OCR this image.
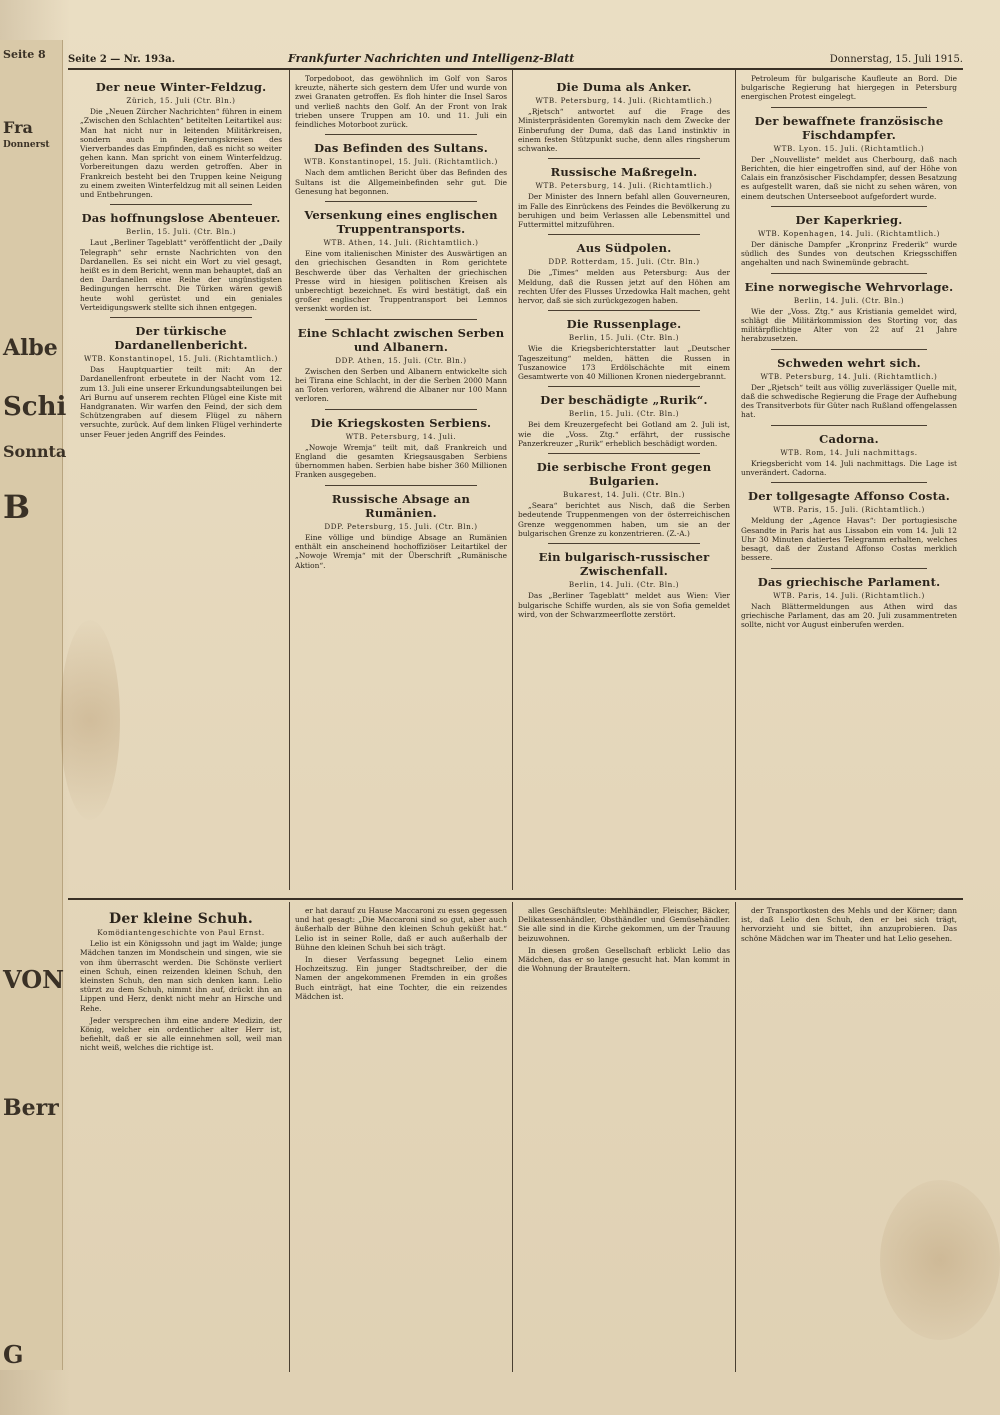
Seite 8
Fra
Donnerst
Albe
Schi
Sonnta
B
VON
Berr
G
Seite 2 — Nr. 193a.	Frankfurter Nachrichten und Intelligenz-Blatt	Donnerstag, 15. Juli 1915.
Der neue Winter-Feldzug.
Zürich, 15. Juli (Ctr. Bln.)

Die „Neuen Zürcher Nachrichten“ führen in einem „Zwischen den Schlachten“ betitelten Leitartikel aus: Man hat nicht nur in leitenden Militärkreisen, sondern auch in Regierungskreisen des Vierverbandes das Empfinden, daß es nicht so weiter gehen kann. Man spricht von einem Winterfeldzug. Vorbereitungen dazu werden getroffen. Aber in Frankreich besteht bei den Truppen keine Neigung zu einem zweiten Winterfeldzug mit all seinen Leiden und Entbehrungen.

Das hoffnungslose Abenteuer.
Berlin, 15. Juli. (Ctr. Bln.)

Laut „Berliner Tageblatt“ veröffentlicht der „Daily Telegraph“ sehr ernste Nachrichten von den Dardanellen. Es sei nicht ein Wort zu viel gesagt, heißt es in dem Bericht, wenn man behauptet, daß an den Dardanellen eine Reihe der ungünstigsten Bedingungen herrscht. Die Türken wären gewiß heute wohl gerüstet und ein geniales Verteidigungswerk stellte sich ihnen entgegen.

Der türkische Dardanellenbericht.
WTB. Konstantinopel, 15. Juli. (Richtamtlich.)

Das Hauptquartier teilt mit: An der Dardanellenfront erbeutete in der Nacht vom 12. zum 13. Juli eine unserer Erkundungsabteilungen bei Ari Burnu auf unserem rechten Flügel eine Kiste mit Handgranaten. Wir warfen den Feind, der sich dem Schützengraben auf diesem Flügel zu nähern versuchte, zurück. Auf dem linken Flügel verhinderte unser Feuer jeden Angriff des Feindes.

Torpedoboot, das gewöhnlich im Golf von Saros kreuzte, näherte sich gestern dem Ufer und wurde von zwei Granaten getroffen. Es floh hinter die Insel Saros und verließ nachts den Golf. An der Front von Irak trieben unsere Truppen am 10. und 11. Juli ein feindliches Motorboot zurück.

Das Befinden des Sultans.
WTB. Konstantinopel, 15. Juli. (Richtamtlich.)

Nach dem amtlichen Bericht über das Befinden des Sultans ist die Allgemeinbefinden sehr gut. Die Genesung hat begonnen.

Versenkung eines englischen Truppentransports.
WTB. Athen, 14. Juli. (Richtamtlich.)

Eine vom italienischen Minister des Auswärtigen an den griechischen Gesandten in Rom gerichtete Beschwerde über das Verhalten der griechischen Presse wird in hiesigen politischen Kreisen als unberechtigt bezeichnet. Es wird bestätigt, daß ein großer englischer Truppentransport bei Lemnos versenkt worden ist.

Eine Schlacht zwischen Serben und Albanern.
DDP. Athen, 15. Juli. (Ctr. Bln.)

Zwischen den Serben und Albanern entwickelte sich bei Tirana eine Schlacht, in der die Serben 2000 Mann an Toten verloren, während die Albaner nur 100 Mann verloren.

Die Kriegskosten Serbiens.
WTB. Petersburg, 14. Juli.

„Nowoje Wremja“ teilt mit, daß Frankreich und England die gesamten Kriegsausgaben Serbiens übernommen haben. Serbien habe bisher 360 Millionen Franken ausgegeben.

Russische Absage an Rumänien.
DDP. Petersburg, 15. Juli. (Ctr. Bln.)

Eine völlige und bündige Absage an Rumänien enthält ein anscheinend hochoffiziöser Leitartikel der „Nowoje Wremja“ mit der Überschrift „Rumänische Aktion“.

Die Duma als Anker.
WTB. Petersburg, 14. Juli. (Richtamtlich.)

„Rjetsch“ antwortet auf die Frage des Ministerpräsidenten Goremykin nach dem Zwecke der Einberufung der Duma, daß das Land instinktiv in einem festen Stützpunkt suche, denn alles ringsherum schwanke.

Russische Maßregeln.
WTB. Petersburg, 14. Juli. (Richtamtlich.)

Der Minister des Innern befahl allen Gouverneuren, im Falle des Einrückens des Feindes die Bevölkerung zu beruhigen und beim Verlassen alle Lebensmittel und Futtermittel mitzuführen.

Aus Südpolen.
DDP. Rotterdam, 15. Juli. (Ctr. Bln.)

Die „Times“ melden aus Petersburg: Aus der Meldung, daß die Russen jetzt auf den Höhen am rechten Ufer des Flusses Urzedowka Halt machen, geht hervor, daß sie sich zurückgezogen haben.

Die Russenplage.
Berlin, 15. Juli. (Ctr. Bln.)

Wie die Kriegsberichterstatter laut „Deutscher Tageszeitung“ melden, hätten die Russen in Tuszanowice 173 Erdölschächte mit einem Gesamtwerte von 40 Millionen Kronen niedergebrannt.

Der beschädigte „Rurik“.
Berlin, 15. Juli. (Ctr. Bln.)

Bei dem Kreuzergefecht bei Gotland am 2. Juli ist, wie die „Voss. Ztg.“ erfährt, der russische Panzerkreuzer „Rurik“ erheblich beschädigt worden.

Die serbische Front gegen Bulgarien.
Bukarest, 14. Juli. (Ctr. Bln.)

„Seara“ berichtet aus Nisch, daß die Serben bedeutende Truppenmengen von der österreichischen Grenze weggenommen haben, um sie an der bulgarischen Grenze zu konzentrieren. (Z.-A.)

Ein bulgarisch-russischer Zwischenfall.
Berlin, 14. Juli. (Ctr. Bln.)

Das „Berliner Tageblatt“ meldet aus Wien: Vier bulgarische Schiffe wurden, als sie von Sofia gemeldet wird, von der Schwarzmeerflotte zerstört.

Petroleum für bulgarische Kaufleute an Bord. Die bulgarische Regierung hat hiergegen in Petersburg energischen Protest eingelegt.

Der bewaffnete französische Fischdampfer.
WTB. Lyon. 15. Juli. (Richtamtlich.)

Der „Nouvelliste“ meldet aus Cherbourg, daß nach Berichten, die hier eingetroffen sind, auf der Höhe von Calais ein französischer Fischdampfer, dessen Besatzung es aufgestellt waren, daß sie nicht zu sehen wären, von einem deutschen Unterseeboot aufgefordert wurde.

Der Kaperkrieg.
WTB. Kopenhagen, 14. Juli. (Richtamtlich.)

Der dänische Dampfer „Kronprinz Frederik“ wurde südlich des Sundes von deutschen Kriegsschiffen angehalten und nach Swinemünde gebracht.

Eine norwegische Wehrvorlage.
Berlin, 14. Juli. (Ctr. Bln.)

Wie der „Voss. Ztg.“ aus Kristiania gemeldet wird, schlägt die Militärkommission des Storting vor, das militärpflichtige Alter von 22 auf 21 Jahre herabzusetzen.

Schweden wehrt sich.
WTB. Petersburg, 14. Juli. (Richtamtlich.)

Der „Rjetsch“ teilt aus völlig zuverlässiger Quelle mit, daß die schwedische Regierung die Frage der Aufhebung des Transitverbots für Güter nach Rußland offengelassen hat.

Cadorna.
WTB. Rom, 14. Juli nachmittags.

Kriegsbericht vom 14. Juli nachmittags. Die Lage ist unverändert. Cadorna.

Der tollgesagte Affonso Costa.
WTB. Paris, 15. Juli. (Richtamtlich.)

Meldung der „Agence Havas“: Der portugiesische Gesandte in Paris hat aus Lissabon ein vom 14. Juli 12 Uhr 30 Minuten datiertes Telegramm erhalten, welches besagt, daß der Zustand Affonso Costas merklich bessere.

Das griechische Parlament.
WTB. Paris, 14. Juli. (Richtamtlich.)

Nach Blättermeldungen aus Athen wird das griechische Parlament, das am 20. Juli zusammentreten sollte, nicht vor August einberufen werden.

Der kleine Schuh.
Komödiantengeschichte von Paul Ernst.

Lelio ist ein Königssohn und jagt im Walde; junge Mädchen tanzen im Mondschein und singen, wie sie von ihm überrascht werden. Die Schönste verliert einen Schuh, einen reizenden kleinen Schuh, den kleinsten Schuh, den man sich denken kann. Lelio stürzt zu dem Schuh, nimmt ihn auf, drückt ihn an Lippen und Herz, denkt nicht mehr an Hirsche und Rehe.

Jeder versprechen ihm eine andere Medizin, der König, welcher ein ordentlicher alter Herr ist, befiehlt, daß er sie alle einnehmen soll, weil man nicht weiß, welches die richtige ist.

er hat darauf zu Hause Maccaroni zu essen gegessen und hat gesagt: „Die Maccaroni sind so gut, aber auch äußerhalb der Bühne den kleinen Schuh geküßt hat.“ Lelio ist in seiner Rolle, daß er auch außerhalb der Bühne den kleinen Schuh bei sich trägt.

In dieser Verfassung begegnet Lelio einem Hochzeitszug. Ein junger Stadtschreiber, der die Namen der angekommenen Fremden in ein großes Buch einträgt, hat eine Tochter, die ein reizendes Mädchen ist.

alles Geschäftsleute: Mehlhändler, Fleischer, Bäcker, Delikatessenhändler, Obsthändler und Gemüsehändler. Sie alle sind in die Kirche gekommen, um der Trauung beizuwohnen.

In diesen großen Gesellschaft erblickt Lelio das Mädchen, das er so lange gesucht hat. Man kommt in die Wohnung der Brauteltern.

der Transportkosten des Mehls und der Körner; dann ist, daß Lelio den Schuh, den er bei sich trägt, hervorzieht und sie bittet, ihn anzuprobieren. Das schöne Mädchen war im Theater und hat Lelio gesehen.
